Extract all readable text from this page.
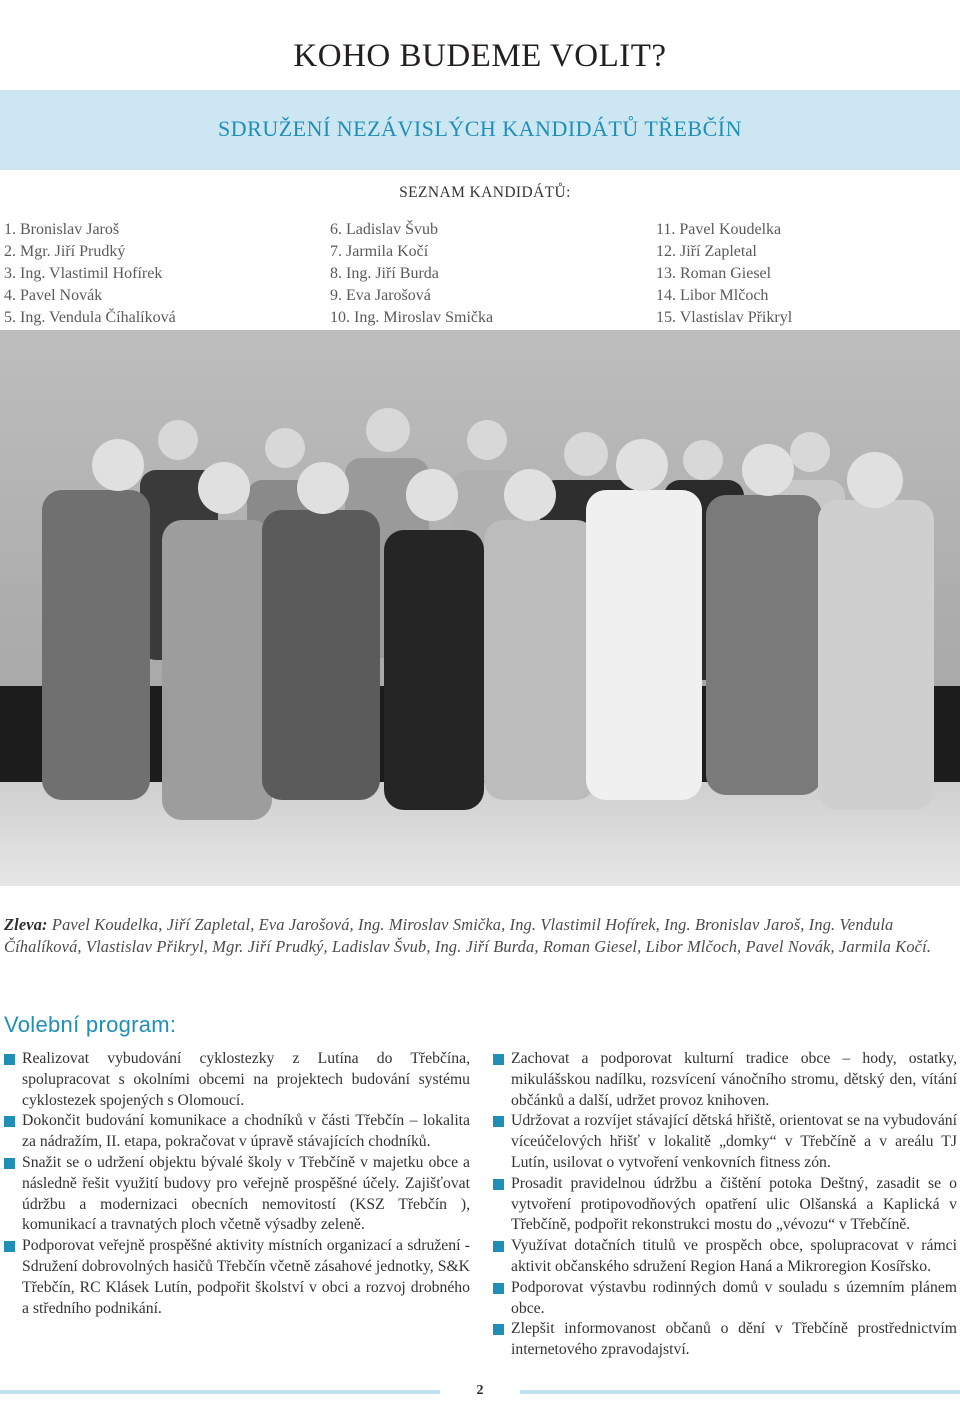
KOHO BUDEME VOLIT?
SDRUŽENÍ NEZÁVISLÝCH KANDIDÁTŮ TŘEBČÍN
SEZNAM KANDIDÁTŮ:
1. Bronislav Jaroš
2. Mgr. Jiří Prudký
3. Ing. Vlastimil Hofírek
4. Pavel Novák
5. Ing. Vendula Číhalíková
6. Ladislav Švub
7. Jarmila Kočí
8. Ing. Jiří Burda
9. Eva Jarošová
10. Ing. Miroslav Smička
11. Pavel Koudelka
12. Jiří Zapletal
13. Roman Giesel
14. Libor Mlčoch
15. Vlastislav Přikryl

Zleva: Pavel Koudelka, Jiří Zapletal, Eva Jarošová, Ing. Miroslav Smička, Ing. Vlastimil Hofírek, Ing. Bronislav Jaroš, Ing. Vendula Číhalíková, Vlastislav Přikryl, Mgr. Jiří Prudký, Ladislav Švub, Ing. Jiří Burda, Roman Giesel, Libor Mlčoch, Pavel Novák, Jarmila Kočí.

Volební program:
Realizovat vybudování cyklostezky z Lutína do Třebčína, spolupracovat s okolními obcemi na projektech budování systému cyklostezek spojených s Olomoucí.
Dokončit budování komunikace a chodníků v části Třebčín – lokalita za nádražím, II. etapa, pokračovat v úpravě stávajících chodníků.
Snažit se o udržení objektu bývalé školy v Třebčíně v majetku obce a následně řešit využití budovy pro veřejně prospěšné účely. Zajišťovat údržbu a modernizaci obecních nemovitostí (KSZ Třebčín ), komunikací a travnatých ploch včetně výsadby zeleně.
Podporovat veřejně prospěšné aktivity místních organizací a sdružení - Sdružení dobrovolných hasičů Třebčín včetně zásahové jednotky, S&K Třebčín, RC Klásek Lutín, podpořit školství v obci a rozvoj drobného a středního podnikání.
Zachovat a podporovat kulturní tradice obce – hody, ostatky, mikulášskou nadílku, rozsvícení vánočního stromu, dětský den, vítání občánků a další, udržet provoz knihoven.
Udržovat a rozvíjet stávající dětská hřiště, orientovat se na vybudování víceúčelových hřišť v lokalitě „domky“ v Třebčíně a v areálu TJ Lutín, usilovat o vytvoření venkovních fitness zón.
Prosadit pravidelnou údržbu a čištění potoka Deštný, zasadit se o vytvoření protipovodňových opatření ulic Olšanská a Kaplická v Třebčíně, podpořit rekonstrukci mostu do „vévozu“ v Třebčíně.
Využívat dotačních titulů ve prospěch obce, spolupracovat v rámci aktivit občanského sdružení Region Haná a Mikroregion Kosířsko.
Podporovat výstavbu rodinných domů v souladu s územním plánem obce.
Zlepšit informovanost občanů o dění v Třebčíně prostřednictvím internetového zpravodajství.
2
